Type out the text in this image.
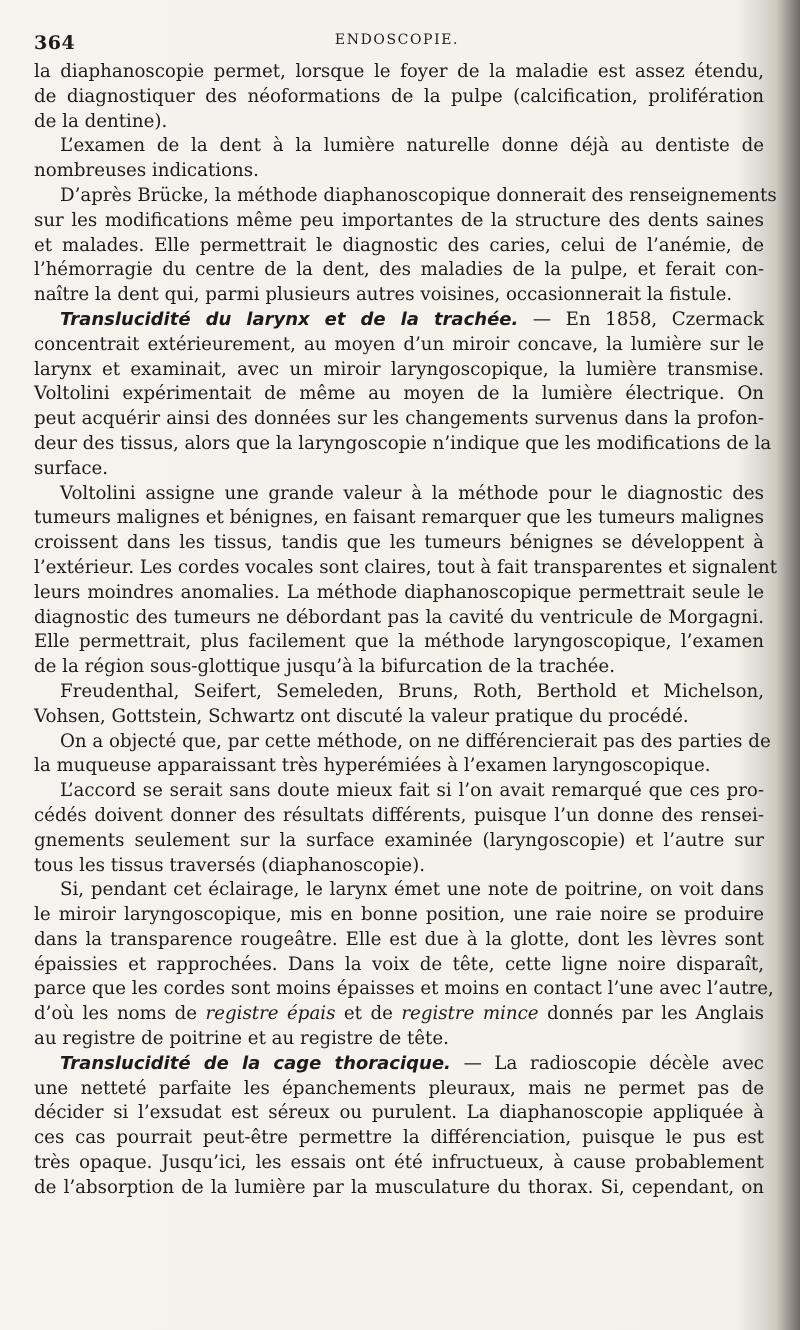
364	ENDOSCOPIE.

la diaphanoscopie permet, lorsque le foyer de la maladie est assez étendu,
de diagnostiquer des néoformations de la pulpe (calcification, prolifération
de la dentine).

L’examen de la dent à la lumière naturelle donne déjà au dentiste de
nombreuses indications.

D’après Brücke, la méthode diaphanoscopique donnerait des renseignements
sur les modifications même peu importantes de la structure des dents saines
et malades. Elle permettrait le diagnostic des caries, celui de l’anémie, de
l’hémorragie du centre de la dent, des maladies de la pulpe, et ferait con-
naître la dent qui, parmi plusieurs autres voisines, occasionnerait la fistule.

Translucidité du larynx et de la trachée. — En 1858, Czermack
concentrait extérieurement, au moyen d’un miroir concave, la lumière sur le
larynx et examinait, avec un miroir laryngoscopique, la lumière transmise.
Voltolini expérimentait de même au moyen de la lumière électrique. On
peut acquérir ainsi des données sur les changements survenus dans la profon-
deur des tissus, alors que la laryngoscopie n’indique que les modifications de la
surface.

Voltolini assigne une grande valeur à la méthode pour le diagnostic des
tumeurs malignes et bénignes, en faisant remarquer que les tumeurs malignes
croissent dans les tissus, tandis que les tumeurs bénignes se développent à
l’extérieur. Les cordes vocales sont claires, tout à fait transparentes et signalent
leurs moindres anomalies. La méthode diaphanoscopique permettrait seule le
diagnostic des tumeurs ne débordant pas la cavité du ventricule de Morgagni.
Elle permettrait, plus facilement que la méthode laryngoscopique, l’examen
de la région sous-glottique jusqu’à la bifurcation de la trachée.

Freudenthal, Seifert, Semeleden, Bruns, Roth, Berthold et Michelson,
Vohsen, Gottstein, Schwartz ont discuté la valeur pratique du procédé.

On a objecté que, par cette méthode, on ne différencierait pas des parties de
la muqueuse apparaissant très hyperémiées à l’examen laryngoscopique.

L’accord se serait sans doute mieux fait si l’on avait remarqué que ces pro-
cédés doivent donner des résultats différents, puisque l’un donne des rensei-
gnements seulement sur la surface examinée (laryngoscopie) et l’autre sur
tous les tissus traversés (diaphanoscopie).

Si, pendant cet éclairage, le larynx émet une note de poitrine, on voit dans
le miroir laryngoscopique, mis en bonne position, une raie noire se produire
dans la transparence rougeâtre. Elle est due à la glotte, dont les lèvres sont
épaissies et rapprochées. Dans la voix de tête, cette ligne noire disparaît,
parce que les cordes sont moins épaisses et moins en contact l’une avec l’autre,
d’où les noms de registre épais et de registre mince donnés par les Anglais
au registre de poitrine et au registre de tête.

Translucidité de la cage thoracique. — La radioscopie décèle avec
une netteté parfaite les épanchements pleuraux, mais ne permet pas de
décider si l’exsudat est séreux ou purulent. La diaphanoscopie appliquée à
ces cas pourrait peut-être permettre la différenciation, puisque le pus est
très opaque. Jusqu’ici, les essais ont été infructueux, à cause probablement
de l’absorption de la lumière par la musculature du thorax. Si, cependant, on
